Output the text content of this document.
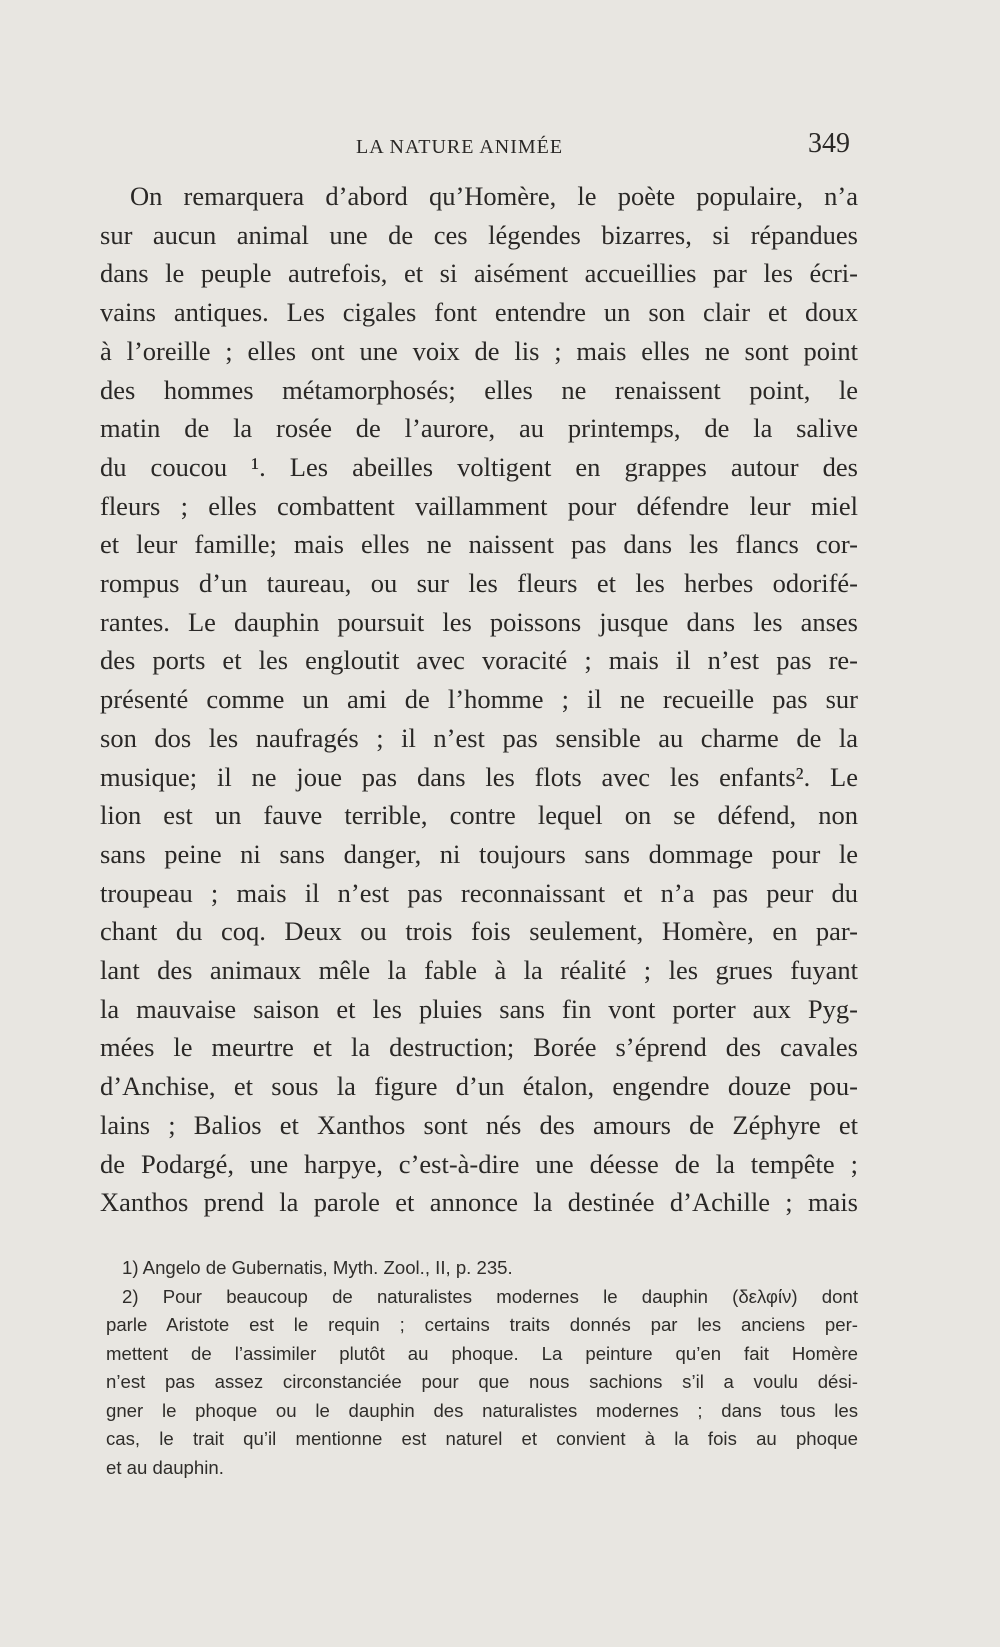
LA NATURE ANIMÉE	349
On remarquera d’abord qu’Homère, le poète populaire, n’a
sur aucun animal une de ces légendes bizarres, si répandues
dans le peuple autrefois, et si aisément accueillies par les écri-
vains antiques. Les cigales font entendre un son clair et doux
à l’oreille ; elles ont une voix de lis ; mais elles ne sont point
des hommes métamorphosés; elles ne renaissent point, le
matin de la rosée de l’aurore, au printemps, de la salive
du coucou ¹. Les abeilles voltigent en grappes autour des
fleurs ; elles combattent vaillamment pour défendre leur miel
et leur famille; mais elles ne naissent pas dans les flancs cor-
rompus d’un taureau, ou sur les fleurs et les herbes odorifé-
rantes. Le dauphin poursuit les poissons jusque dans les anses
des ports et les engloutit avec voracité ; mais il n’est pas re-
présenté comme un ami de l’homme ; il ne recueille pas sur
son dos les naufragés ; il n’est pas sensible au charme de la
musique; il ne joue pas dans les flots avec les enfants². Le
lion est un fauve terrible, contre lequel on se défend, non
sans peine ni sans danger, ni toujours sans dommage pour le
troupeau ; mais il n’est pas reconnaissant et n’a pas peur du
chant du coq. Deux ou trois fois seulement, Homère, en par-
lant des animaux mêle la fable à la réalité ; les grues fuyant
la mauvaise saison et les pluies sans fin vont porter aux Pyg-
mées le meurtre et la destruction; Borée s’éprend des cavales
d’Anchise, et sous la figure d’un étalon, engendre douze pou-
lains ; Balios et Xanthos sont nés des amours de Zéphyre et
de Podargé, une harpye, c’est-à-dire une déesse de la tempête ;
Xanthos prend la parole et annonce la destinée d’Achille ; mais
1) Angelo de Gubernatis, Myth. Zool., II, p. 235.
2) Pour beaucoup de naturalistes modernes le dauphin (δελφίν) dont
parle Aristote est le requin ; certains traits donnés par les anciens per-
mettent de l’assimiler plutôt au phoque. La peinture qu’en fait Homère
n’est pas assez circonstanciée pour que nous sachions s’il a voulu dési-
gner le phoque ou le dauphin des naturalistes modernes ; dans tous les
cas, le trait qu’il mentionne est naturel et convient à la fois au phoque
et au dauphin.
